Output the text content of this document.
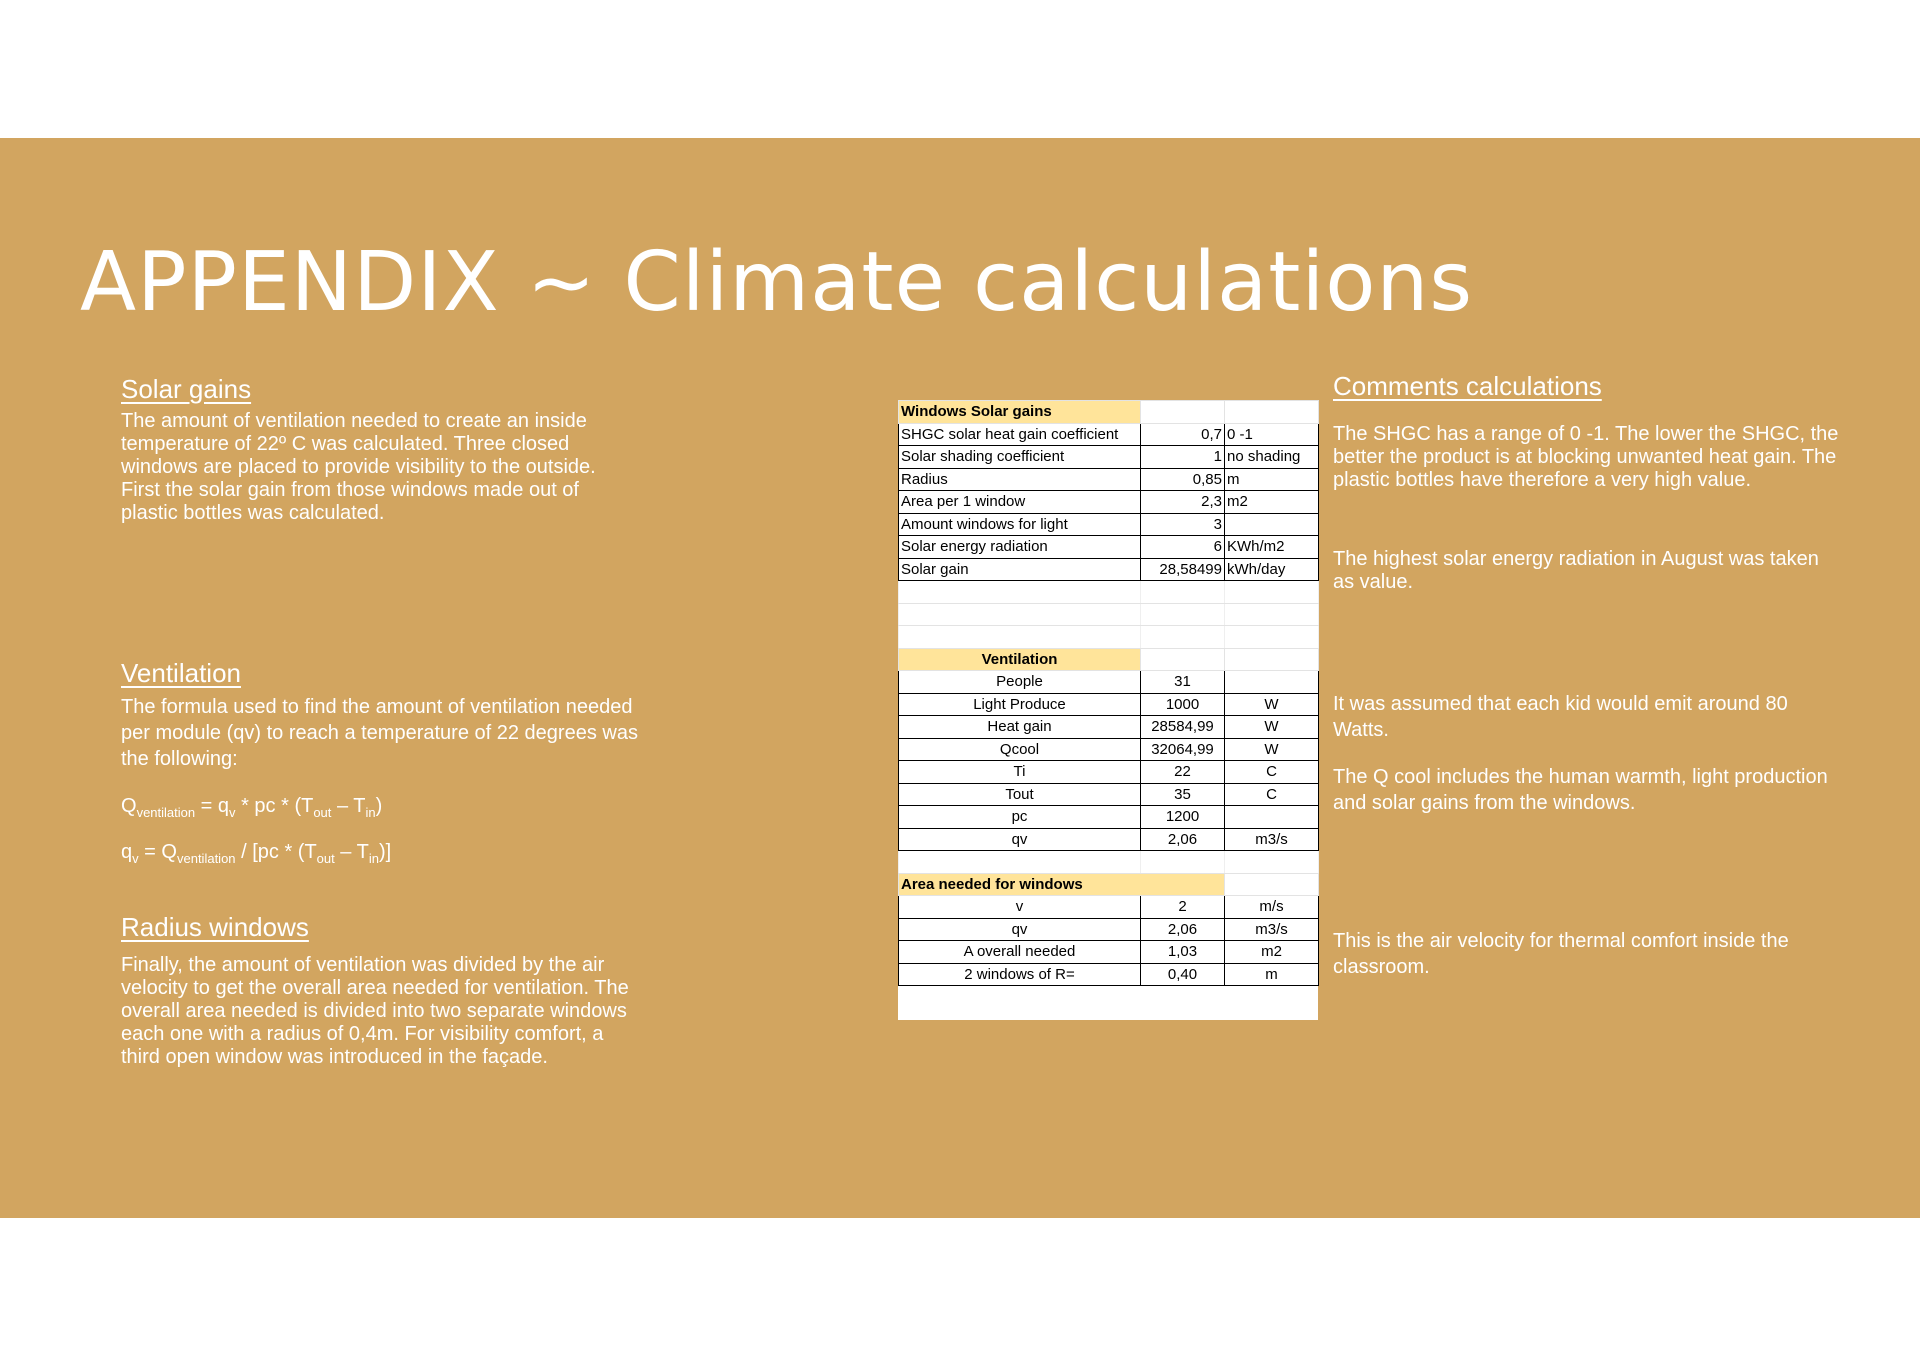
APPENDIX ~ Climate calculations
Solar gains

The amount of ventilation needed to create an inside temperature of 22º C was calculated. Three closed windows are placed to provide visibility to the outside. First the solar gain from those windows made out of plastic bottles was calculated.

Ventilation

The formula used to find the amount of ventilation needed per module (qv) to reach a temperature of 22 degrees was the following:

$Q_{ventilation} = q_v$ * pc * $(T_{out} - T_{in})$
$q_v = Q_{ventilation} / [pc * (T_{out} - T_{in})]$
Radius windows

Finally, the amount of ventilation was divided by the air velocity to get the overall area needed for ventilation. The overall area needed is divided into two separate windows each one with a radius of 0,4m. For visibility comfort, a third open window was introduced in the façade.

Windows Solar gains		
SHGC solar heat gain coefficient	0,7	0 -1
Solar shading coefficient	1	no shading
Radius	0,85	m
Area per 1 window	2,3	m2
Amount windows for light	3	
Solar energy radiation	6	KWh/m2
Solar gain	28,58499	kWh/day

Ventilation		
People	31	
Light Produce	1000	W
Heat gain	28584,99	W
Qcool	32064,99	W
Ti	22	C
Tout	35	C
pc	1200	
qv	2,06	m3/s

Area needed for windows		
v	2	m/s
qv	2,06	m3/s
A overall needed	1,03	m2
2 windows of R=	0,40	m
Comments calculations

The SHGC has a range of 0 -1. The lower the SHGC, the better the product is at blocking unwanted heat gain. The plastic bottles have therefore a very high value.

The highest solar energy radiation in August was taken as value.

It was assumed that each kid would emit around 80 Watts.

The Q cool includes the human warmth, light production and solar gains from the windows.

This is the air velocity for thermal comfort inside the classroom.
